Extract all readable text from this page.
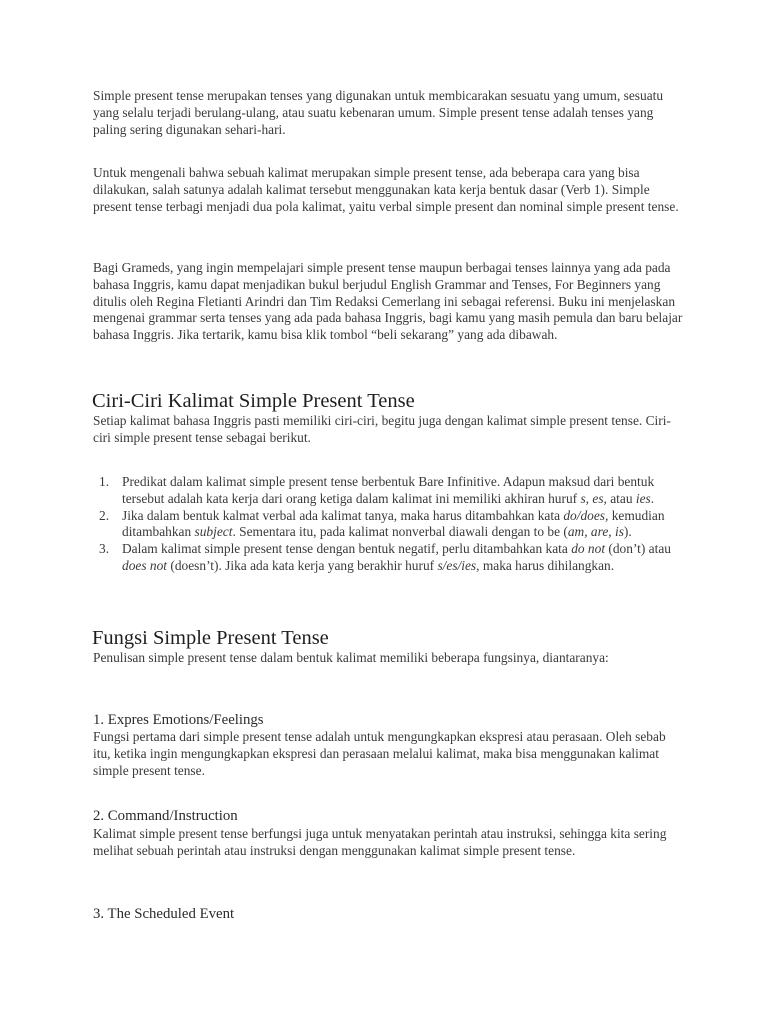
Simple present tense merupakan tenses yang digunakan untuk membicarakan sesuatu yang umum, sesuatu yang selalu terjadi berulang-ulang, atau suatu kebenaran umum. Simple present tense adalah tenses yang paling sering digunakan sehari-hari.

Untuk mengenali bahwa sebuah kalimat merupakan simple present tense, ada beberapa cara yang bisa dilakukan, salah satunya adalah kalimat tersebut menggunakan kata kerja bentuk dasar (Verb 1). Simple present tense terbagi menjadi dua pola kalimat, yaitu verbal simple present dan nominal simple present tense.

Bagi Grameds, yang ingin mempelajari simple present tense maupun berbagai tenses lainnya yang ada pada bahasa Inggris, kamu dapat menjadikan bukul berjudul English Grammar and Tenses, For Beginners yang ditulis oleh Regina Fletianti Arindri dan Tim Redaksi Cemerlang ini sebagai referensi. Buku ini menjelaskan mengenai grammar serta tenses yang ada pada bahasa Inggris, bagi kamu yang masih pemula dan baru belajar bahasa Inggris. Jika tertarik, kamu bisa klik tombol “beli sekarang” yang ada dibawah.

Ciri-Ciri Kalimat Simple Present Tense

Setiap kalimat bahasa Inggris pasti memiliki ciri-ciri, begitu juga dengan kalimat simple present tense. Ciri-ciri simple present tense sebagai berikut.

1. Predikat dalam kalimat simple present tense berbentuk Bare Infinitive. Adapun maksud dari bentuk tersebut adalah kata kerja dari orang ketiga dalam kalimat ini memiliki akhiran huruf s, es, atau ies.
2. Jika dalam bentuk kalmat verbal ada kalimat tanya, maka harus ditambahkan kata do/does, kemudian ditambahkan subject. Sementara itu, pada kalimat nonverbal diawali dengan to be (am, are, is).
3. Dalam kalimat simple present tense dengan bentuk negatif, perlu ditambahkan kata do not (don’t) atau does not (doesn’t). Jika ada kata kerja yang berakhir huruf s/es/ies, maka harus dihilangkan.
Fungsi Simple Present Tense

Penulisan simple present tense dalam bentuk kalimat memiliki beberapa fungsinya, diantaranya:

1. Expres Emotions/Feelings

Fungsi pertama dari simple present tense adalah untuk mengungkapkan ekspresi atau perasaan. Oleh sebab itu, ketika ingin mengungkapkan ekspresi dan perasaan melalui kalimat, maka bisa menggunakan kalimat simple present tense.

2. Command/Instruction

Kalimat simple present tense berfungsi juga untuk menyatakan perintah atau instruksi, sehingga kita sering melihat sebuah perintah atau instruksi dengan menggunakan kalimat simple present tense.

3. The Scheduled Event
